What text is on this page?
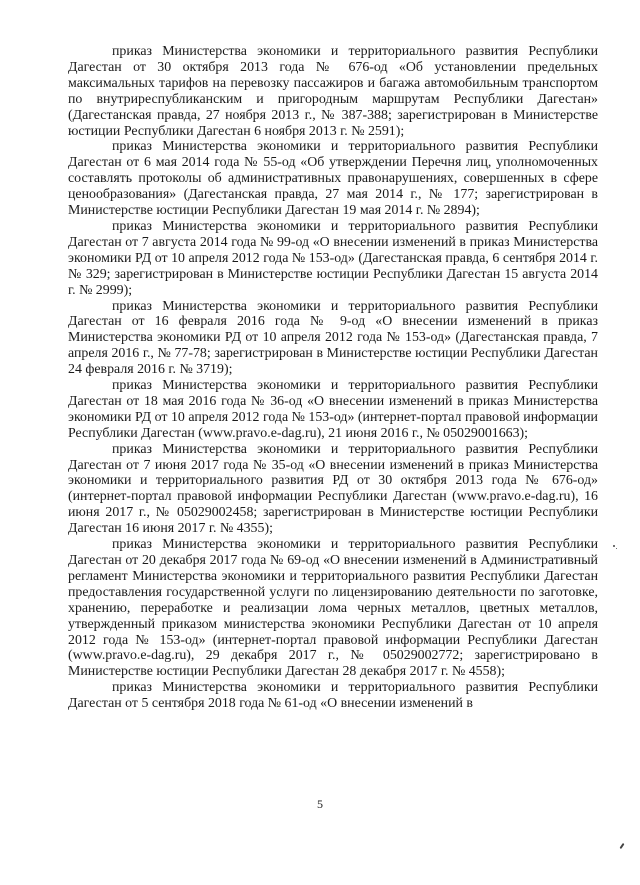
приказ Министерства экономики и территориального развития Республики Дагестан от 30 октября 2013 года № 676-од «Об установлении предельных максимальных тарифов на перевозку пассажиров и багажа автомобильным транспортом по внутриреспубликанским и пригородным маршрутам Республики Дагестан» (Дагестанская правда, 27 ноября 2013 г., № 387-388; зарегистрирован в Министерстве юстиции Республики Дагестан 6 ноября 2013 г. № 2591);

приказ Министерства экономики и территориального развития Республики Дагестан от 6 мая 2014 года № 55-од «Об утверждении Перечня лиц, уполномоченных составлять протоколы об административных правонарушениях, совершенных в сфере ценообразования» (Дагестанская правда, 27 мая 2014 г., № 177; зарегистрирован в Министерстве юстиции Республики Дагестан 19 мая 2014 г. № 2894);

приказ Министерства экономики и территориального развития Республики Дагестан от 7 августа 2014 года № 99-од «О внесении изменений в приказ Министерства экономики РД от 10 апреля 2012 года № 153-од» (Дагестанская правда, 6 сентября 2014 г. № 329; зарегистрирован в Министерстве юстиции Республики Дагестан 15 августа 2014 г. № 2999);

приказ Министерства экономики и территориального развития Республики Дагестан от 16 февраля 2016 года № 9-од «О внесении изменений в приказ Министерства экономики РД от 10 апреля 2012 года № 153-од» (Дагестанская правда, 7 апреля 2016 г., № 77-78; зарегистрирован в Министерстве юстиции Республики Дагестан 24 февраля 2016 г. № 3719);

приказ Министерства экономики и территориального развития Республики Дагестан от 18 мая 2016 года № 36-од «О внесении изменений в приказ Министерства экономики РД от 10 апреля 2012 года № 153-од» (интернет-портал правовой информации Республики Дагестан (www.pravo.e-dag.ru), 21 июня 2016 г., № 05029001663);

приказ Министерства экономики и территориального развития Республики Дагестан от 7 июня 2017 года № 35-од «О внесении изменений в приказ Министерства экономики и территориального развития РД от 30 октября 2013 года № 676-од» (интернет-портал правовой информации Республики Дагестан (www.pravo.e-dag.ru), 16 июня 2017 г., № 05029002458; зарегистрирован в Министерстве юстиции Республики Дагестан 16 июня 2017 г. № 4355);

приказ Министерства экономики и территориального развития Республики Дагестан от 20 декабря 2017 года № 69-од «О внесении изменений в Административный регламент Министерства экономики и территориального развития Республики Дагестан предоставления государственной услуги по лицензированию деятельности по заготовке, хранению, переработке и реализации лома черных металлов, цветных металлов, утвержденный приказом министерства экономики Республики Дагестан от 10 апреля 2012 года № 153-од» (интернет-портал правовой информации Республики Дагестан (www.pravo.e-dag.ru), 29 декабря 2017 г., № 05029002772; зарегистрировано в Министерстве юстиции Республики Дагестан 28 декабря 2017 г. № 4558);

приказ Министерства экономики и территориального развития Республики Дагестан от 5 сентября 2018 года № 61-од «О внесении изменений в

5
